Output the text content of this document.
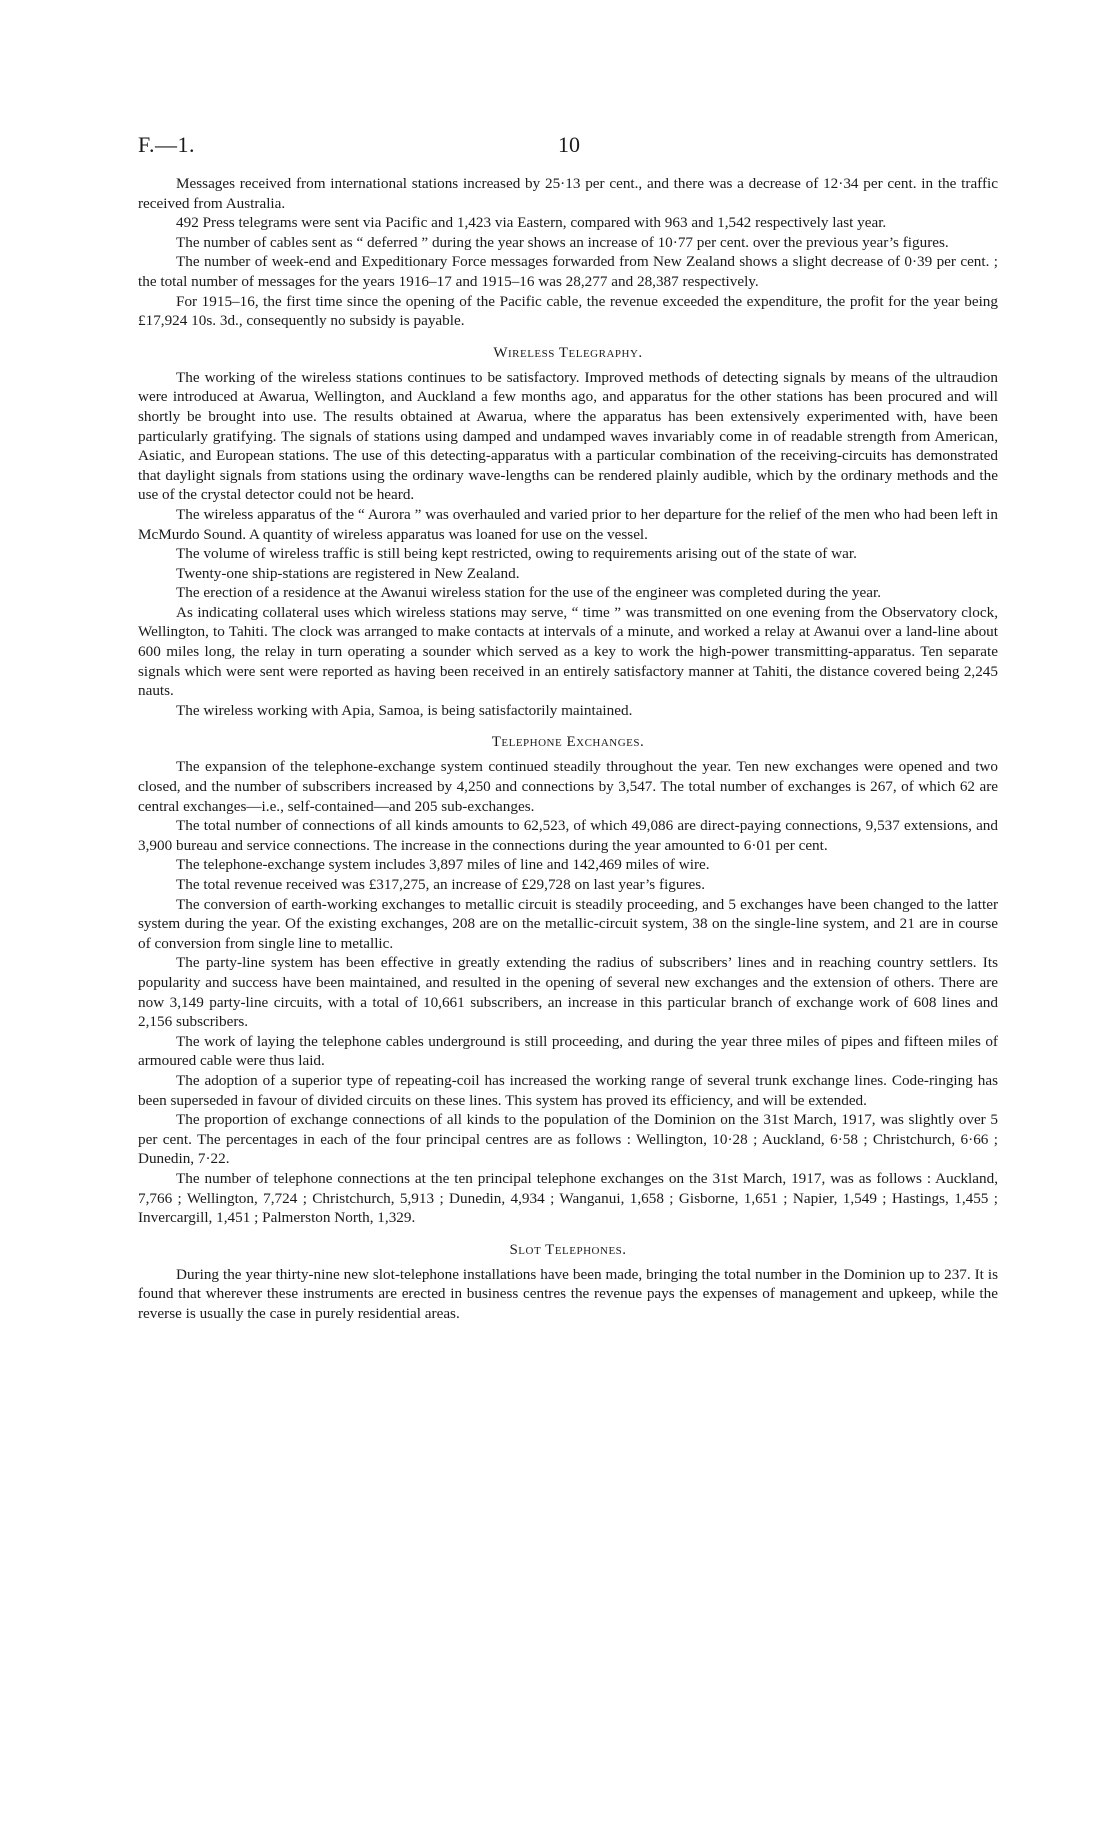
F.—1.	10

Messages received from international stations increased by 25·13 per cent., and there was a decrease of 12·34 per cent. in the traffic received from Australia.

492 Press telegrams were sent via Pacific and 1,423 via Eastern, compared with 963 and 1,542 respectively last year.

The number of cables sent as “ deferred ” during the year shows an increase of 10·77 per cent. over the previous year’s figures.

The number of week-end and Expeditionary Force messages forwarded from New Zealand shows a slight decrease of 0·39 per cent. ; the total number of messages for the years 1916–17 and 1915–16 was 28,277 and 28,387 respectively.

For 1915–16, the first time since the opening of the Pacific cable, the revenue exceeded the expenditure, the profit for the year being £17,924 10s. 3d., consequently no subsidy is payable.

Wireless Telegraphy.

The working of the wireless stations continues to be satisfactory. Improved methods of detecting signals by means of the ultraudion were introduced at Awarua, Wellington, and Auckland a few months ago, and apparatus for the other stations has been procured and will shortly be brought into use. The results obtained at Awarua, where the apparatus has been extensively experimented with, have been particularly gratifying. The signals of stations using damped and undamped waves invariably come in of readable strength from American, Asiatic, and European stations. The use of this detecting-apparatus with a particular combination of the receiving-circuits has demonstrated that daylight signals from stations using the ordinary wave-lengths can be rendered plainly audible, which by the ordinary methods and the use of the crystal detector could not be heard.

The wireless apparatus of the “ Aurora ” was overhauled and varied prior to her departure for the relief of the men who had been left in McMurdo Sound. A quantity of wireless apparatus was loaned for use on the vessel.

The volume of wireless traffic is still being kept restricted, owing to requirements arising out of the state of war.

Twenty-one ship-stations are registered in New Zealand.

The erection of a residence at the Awanui wireless station for the use of the engineer was completed during the year.

As indicating collateral uses which wireless stations may serve, “ time ” was transmitted on one evening from the Observatory clock, Wellington, to Tahiti. The clock was arranged to make contacts at intervals of a minute, and worked a relay at Awanui over a land-line about 600 miles long, the relay in turn operating a sounder which served as a key to work the high-power transmitting-apparatus. Ten separate signals which were sent were reported as having been received in an entirely satisfactory manner at Tahiti, the distance covered being 2,245 nauts.

The wireless working with Apia, Samoa, is being satisfactorily maintained.

Telephone Exchanges.

The expansion of the telephone-exchange system continued steadily throughout the year. Ten new exchanges were opened and two closed, and the number of subscribers increased by 4,250 and connections by 3,547. The total number of exchanges is 267, of which 62 are central exchanges—i.e., self-contained—and 205 sub-exchanges.

The total number of connections of all kinds amounts to 62,523, of which 49,086 are direct-paying connections, 9,537 extensions, and 3,900 bureau and service connections. The increase in the connections during the year amounted to 6·01 per cent.

The telephone-exchange system includes 3,897 miles of line and 142,469 miles of wire.

The total revenue received was £317,275, an increase of £29,728 on last year’s figures.

The conversion of earth-working exchanges to metallic circuit is steadily proceeding, and 5 exchanges have been changed to the latter system during the year. Of the existing exchanges, 208 are on the metallic-circuit system, 38 on the single-line system, and 21 are in course of conversion from single line to metallic.

The party-line system has been effective in greatly extending the radius of subscribers’ lines and in reaching country settlers. Its popularity and success have been maintained, and resulted in the opening of several new exchanges and the extension of others. There are now 3,149 party-line circuits, with a total of 10,661 subscribers, an increase in this particular branch of exchange work of 608 lines and 2,156 subscribers.

The work of laying the telephone cables underground is still proceeding, and during the year three miles of pipes and fifteen miles of armoured cable were thus laid.

The adoption of a superior type of repeating-coil has increased the working range of several trunk exchange lines. Code-ringing has been superseded in favour of divided circuits on these lines. This system has proved its efficiency, and will be extended.

The proportion of exchange connections of all kinds to the population of the Dominion on the 31st March, 1917, was slightly over 5 per cent. The percentages in each of the four principal centres are as follows : Wellington, 10·28 ; Auckland, 6·58 ; Christchurch, 6·66 ; Dunedin, 7·22.

The number of telephone connections at the ten principal telephone exchanges on the 31st March, 1917, was as follows : Auckland, 7,766 ; Wellington, 7,724 ; Christchurch, 5,913 ; Dunedin, 4,934 ; Wanganui, 1,658 ; Gisborne, 1,651 ; Napier, 1,549 ; Hastings, 1,455 ; Invercargill, 1,451 ; Palmerston North, 1,329.

Slot Telephones.

During the year thirty-nine new slot-telephone installations have been made, bringing the total number in the Dominion up to 237. It is found that wherever these instruments are erected in business centres the revenue pays the expenses of management and upkeep, while the reverse is usually the case in purely residential areas.
